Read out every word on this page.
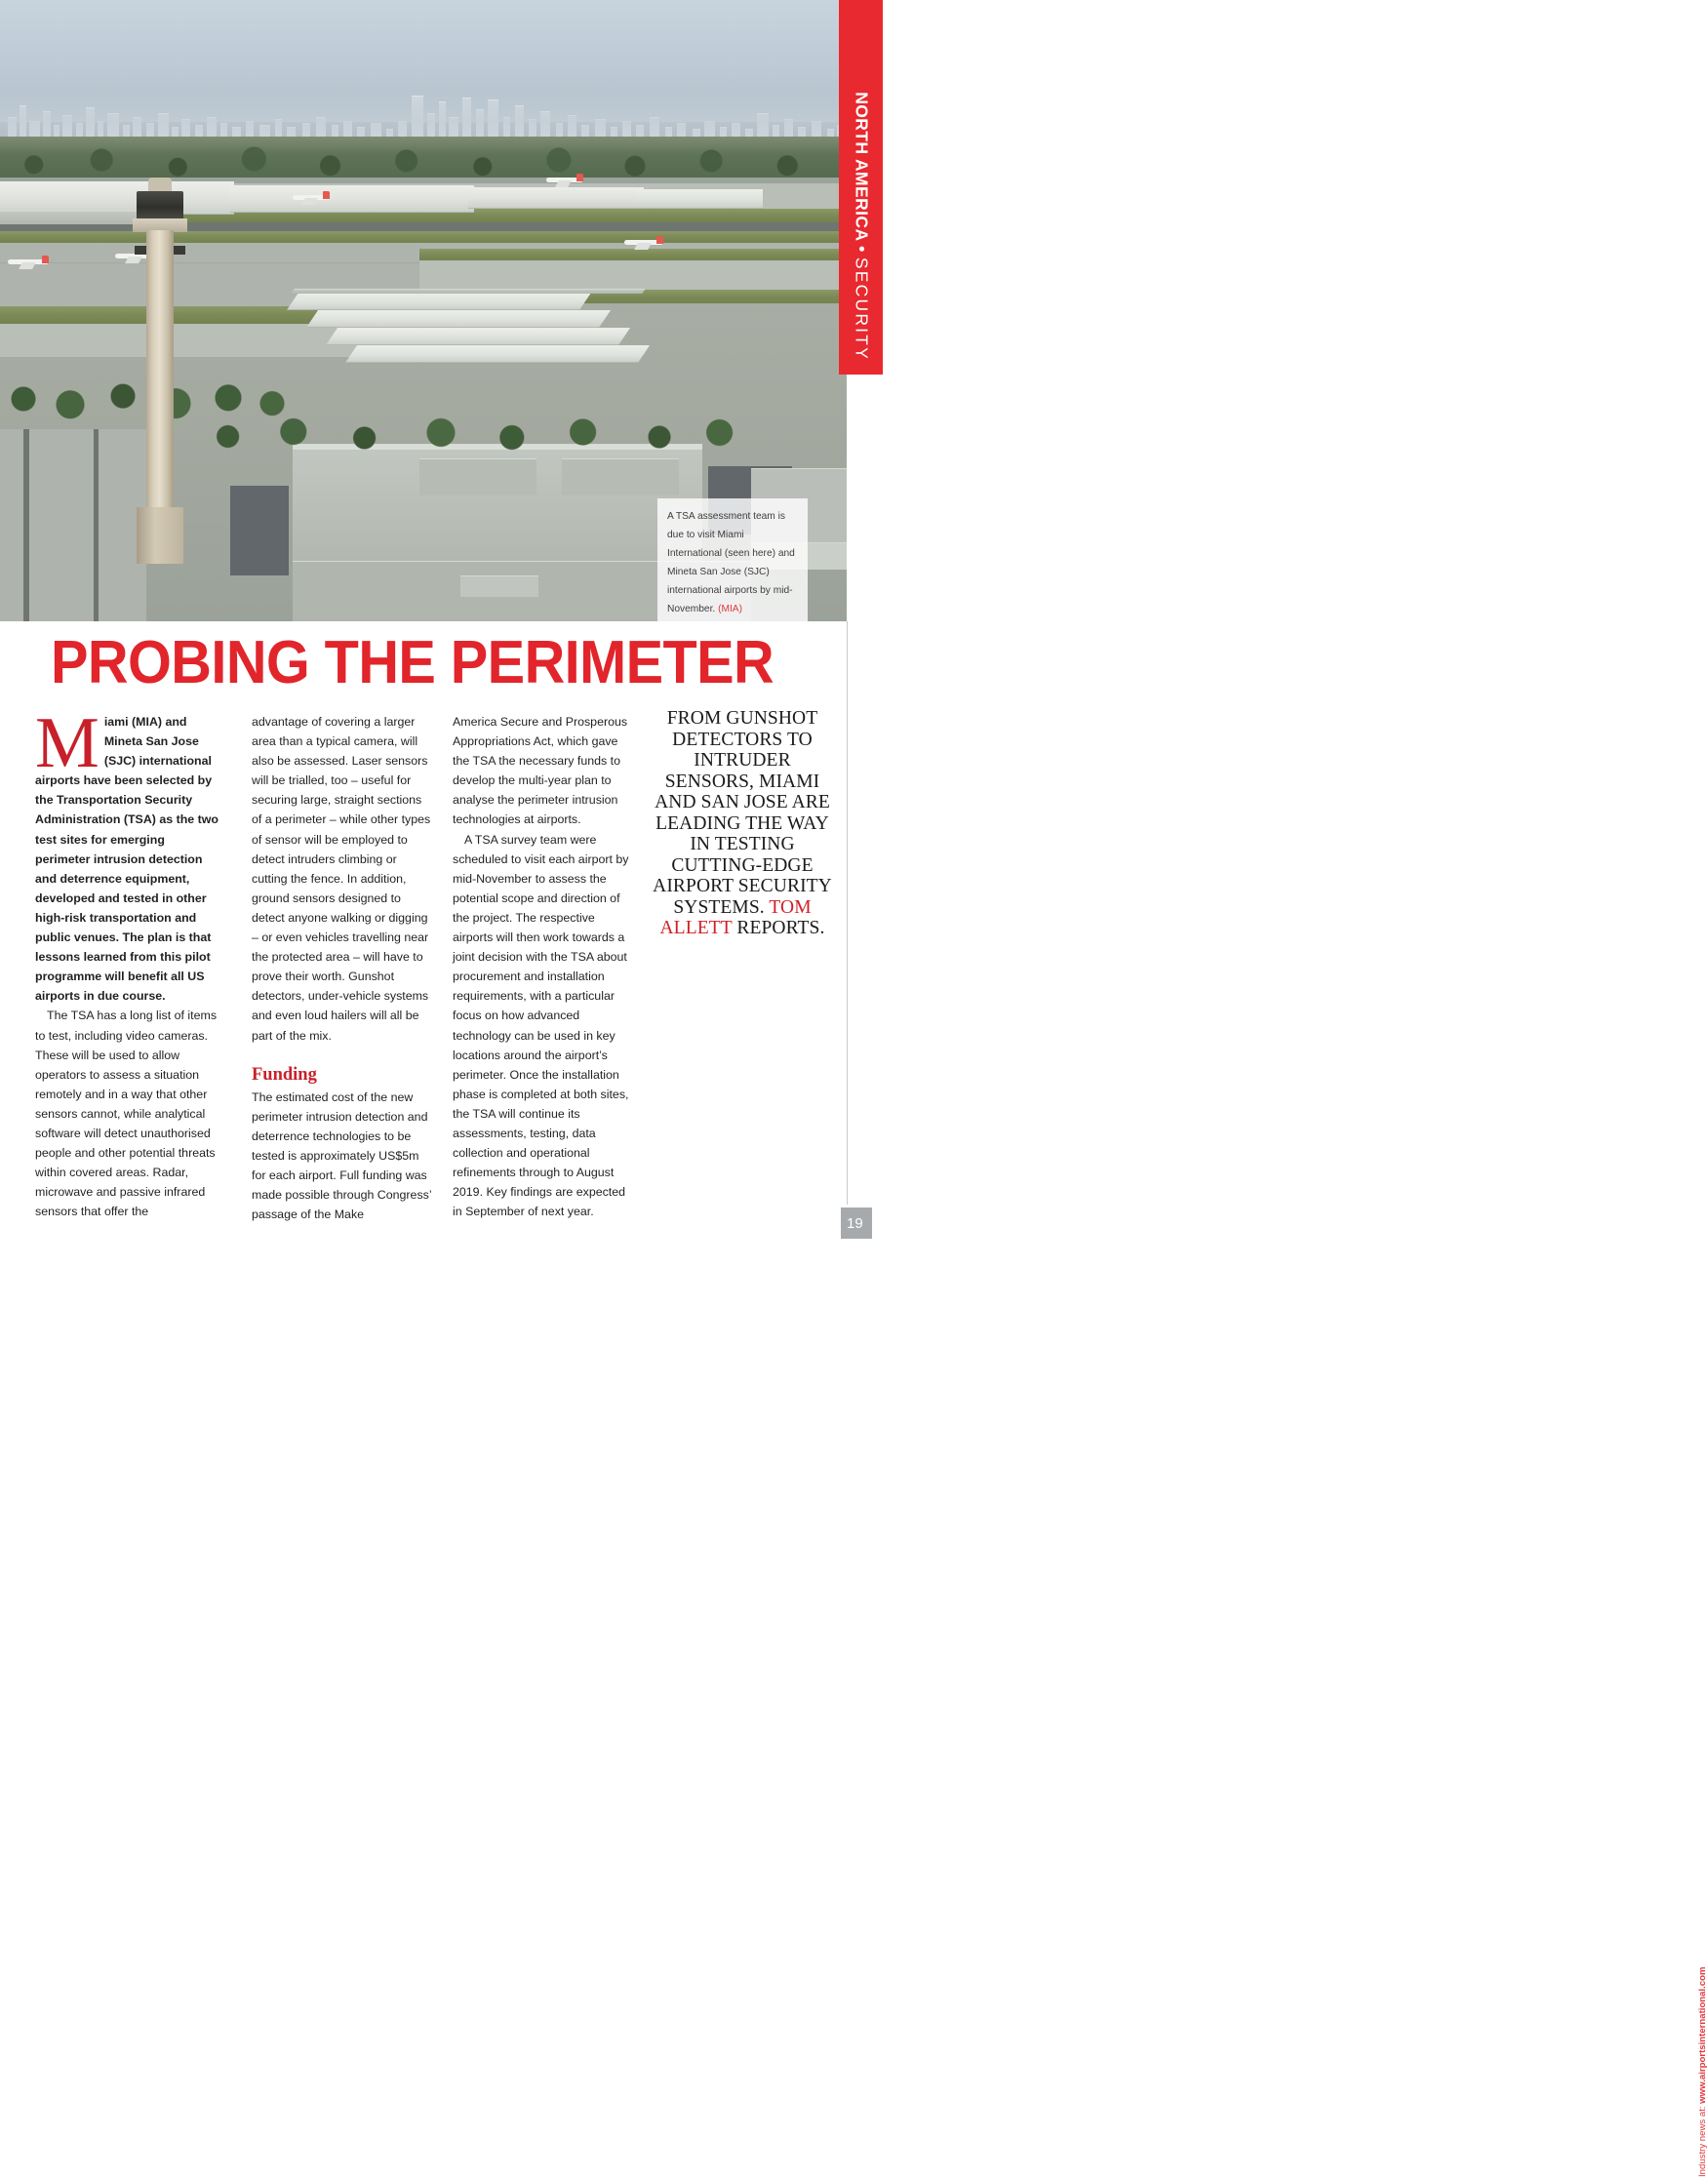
A TSA assessment team is due to visit Miami International (seen here) and Mineta San Jose (SJC) international airports by mid-November. (MIA)

NORTH AMERICA • SECURITY
PROBING THE PERIMETER

Miami (MIA) and Mineta San Jose (SJC) international airports have been selected by the Transportation Security Administration (TSA) as the two test sites for emerging perimeter intrusion detection and deterrence equipment, developed and tested in other high-risk transportation and public venues. The plan is that lessons learned from this pilot programme will benefit all US airports in due course.

The TSA has a long list of items to test, including video cameras. These will be used to allow operators to assess a situation remotely and in a way that other sensors cannot, while analytical software will detect unauthorised people and other potential threats within covered areas. Radar, microwave and passive infrared sensors that offer the

advantage of covering a larger area than a typical camera, will also be assessed. Laser sensors will be trialled, too – useful for securing large, straight sections of a perimeter – while other types of sensor will be employed to detect intruders climbing or cutting the fence. In addition, ground sensors designed to detect anyone walking or digging – or even vehicles travelling near the protected area – will have to prove their worth. Gunshot detectors, under-vehicle systems and even loud hailers will all be part of the mix.

Funding

The estimated cost of the new perimeter intrusion detection and deterrence technologies to be tested is approximately US$5m for each airport. Full funding was made possible through Congress’ passage of the Make

America Secure and Prosperous Appropriations Act, which gave the TSA the necessary funds to develop the multi-year plan to analyse the perimeter intrusion technologies at airports.

A TSA survey team were scheduled to visit each airport by mid-November to assess the potential scope and direction of the project. The respective airports will then work towards a joint decision with the TSA about procurement and installation requirements, with a particular focus on how advanced technology can be used in key locations around the airport’s perimeter. Once the installation phase is completed at both sites, the TSA will continue its assessments, testing, data collection and operational refinements through to August 2019. Key findings are expected in September of next year.

FROM GUNSHOT DETECTORS TO INTRUDER SENSORS, MIAMI AND SAN JOSE ARE LEADING THE WAY IN TESTING CUTTING-EDGE AIRPORT SECURITY SYSTEMS. TOM ALLETT REPORTS.
Industry news at: www.airportsinternational.com
19
